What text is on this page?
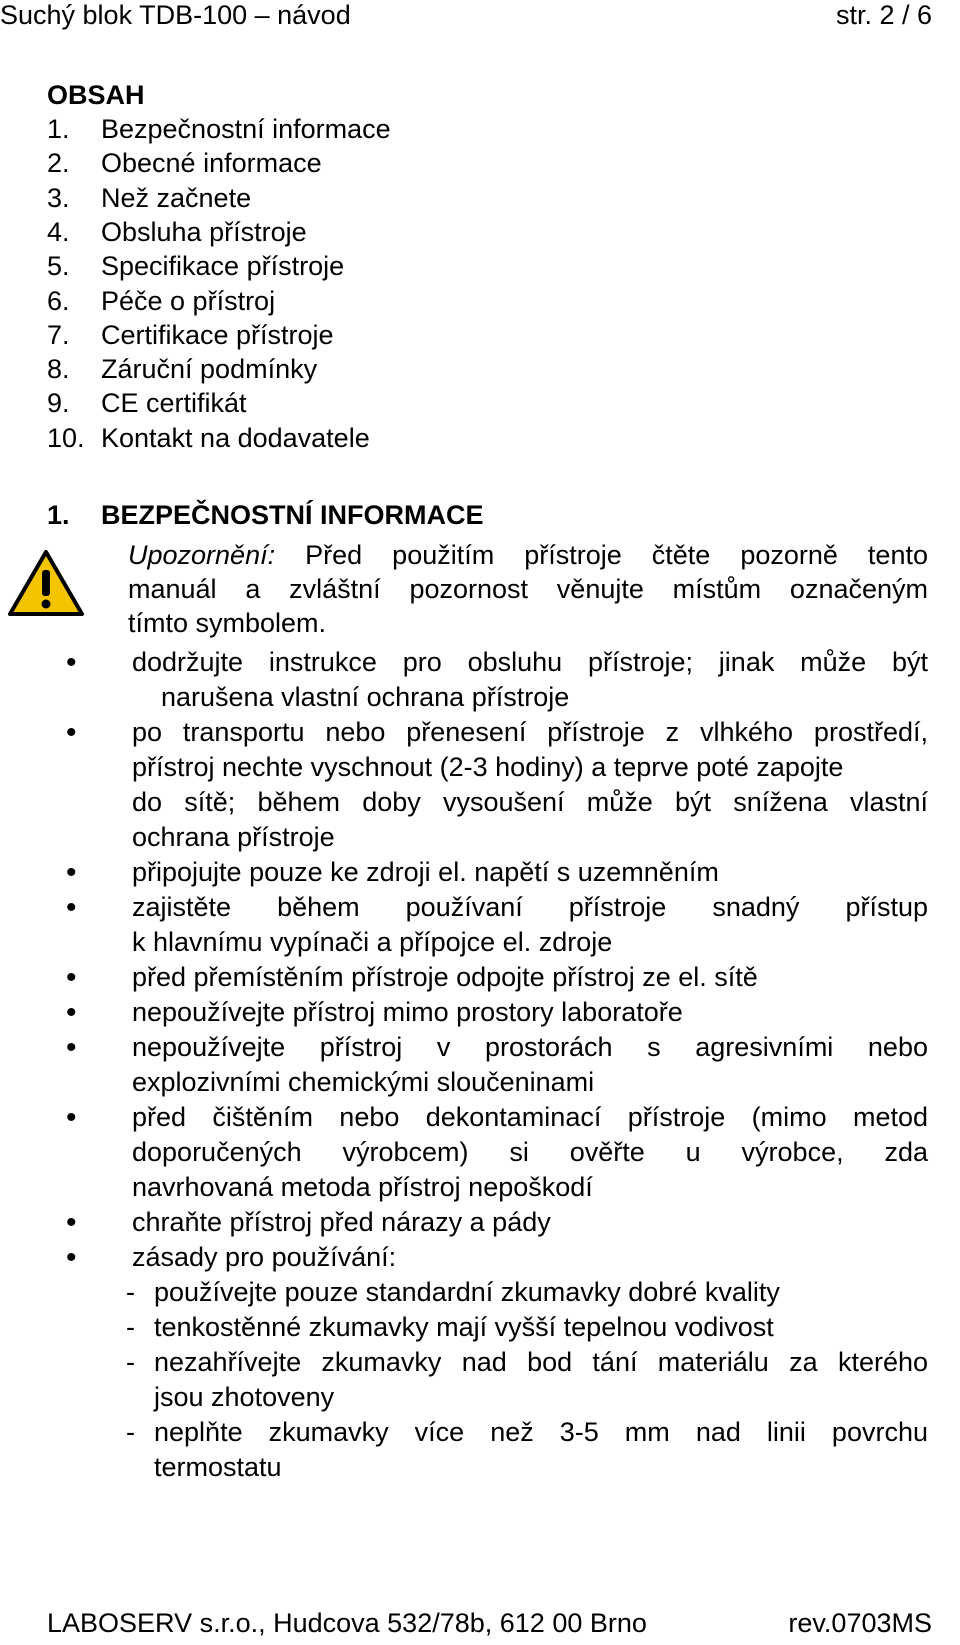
Suchý blok TDB-100 – návod	str. 2 / 6
OBSAH
1. Bezpečnostní informace
2. Obecné informace
3. Než začnete
4. Obsluha přístroje
5. Specifikace přístroje
6. Péče o přístroj
7. Certifikace přístroje
8. Záruční podmínky
9. CE certifikát
10. Kontakt na dodavatele
1. BEZPEČNOSTNÍ INFORMACE
Upozornění: Před použitím přístroje čtěte pozorně tento
manuál a zvláštní pozornost věnujte místům označeným
tímto symbolem.
• dodržujte instrukce pro obsluhu přístroje; jinak může být
narušena vlastní ochrana přístroje
• po transportu nebo přenesení přístroje z vlhkého prostředí,
přístroj nechte vyschnout (2-3 hodiny) a teprve poté zapojte
do sítě; během doby vysoušení může být snížena vlastní
ochrana přístroje
• připojujte pouze ke zdroji el. napětí s uzemněním
• zajistěte během používaní přístroje snadný přístup
k hlavnímu vypínači a přípojce el. zdroje
• před přemístěním přístroje odpojte přístroj ze el. sítě
• nepoužívejte přístroj mimo prostory laboratoře
• nepoužívejte přístroj v prostorách s agresivními nebo
explozivními chemickými sloučeninami
• před čištěním nebo dekontaminací přístroje (mimo metod
doporučených výrobcem) si ověřte u výrobce, zda
navrhovaná metoda přístroj nepoškodí
• chraňte přístroj před nárazy a pády
• zásady pro používání:
- používejte pouze standardní zkumavky dobré kvality
- tenkostěnné zkumavky mají vyšší tepelnou vodivost
- nezahřívejte zkumavky nad bod tání materiálu za kterého
jsou zhotoveny
- neplňte zkumavky více než 3-5 mm nad linii povrchu
termostatu
LABOSERV s.r.o., Hudcova 532/78b, 612 00 Brno	rev.0703MS
